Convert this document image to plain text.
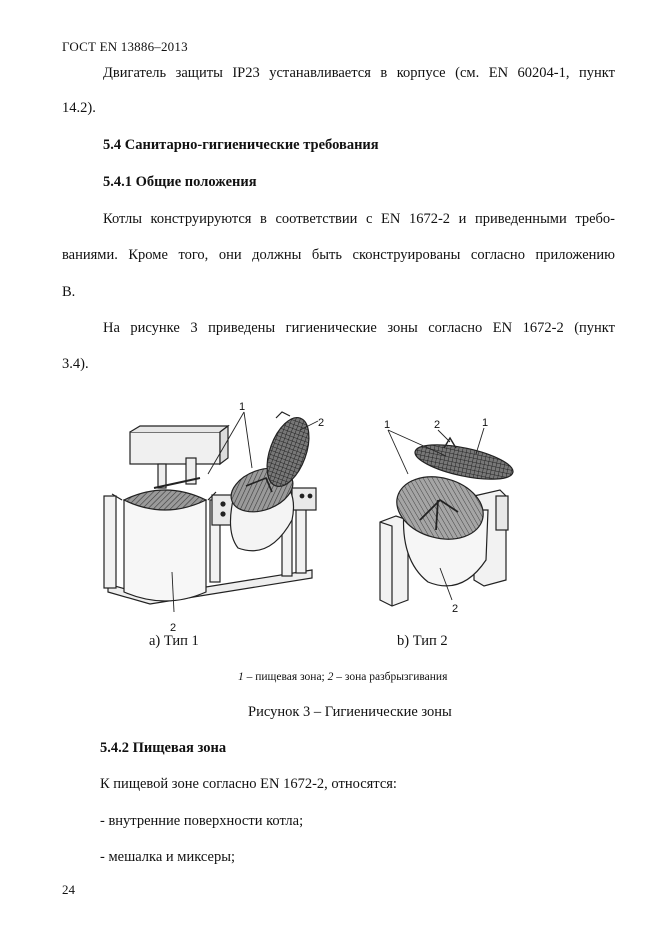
ГОСТ EN 13886–2013
Двигатель защиты IP23 устанавливается в корпусе (см. EN 60204-1, пункт
14.2).
5.4 Санитарно-гигиенические требования
5.4.1 Общие положения
Котлы конструируются в соответствии с EN 1672-2 и приведенными требо-
ваниями. Кроме того, они должны быть сконструированы согласно приложению
B.
На рисунке 3 приведены гигиенические зоны согласно EN 1672-2 (пункт
3.4).
1
2
2
1	2	1
2
а) Тип 1	b) Тип 2
1 – пищевая зона; 2 – зона разбрызгивания
Рисунок 3 – Гигиенические зоны
5.4.2 Пищевая зона
К пищевой зоне согласно EN 1672-2, относятся:
- внутренние поверхности котла;
- мешалка и миксеры;
24
